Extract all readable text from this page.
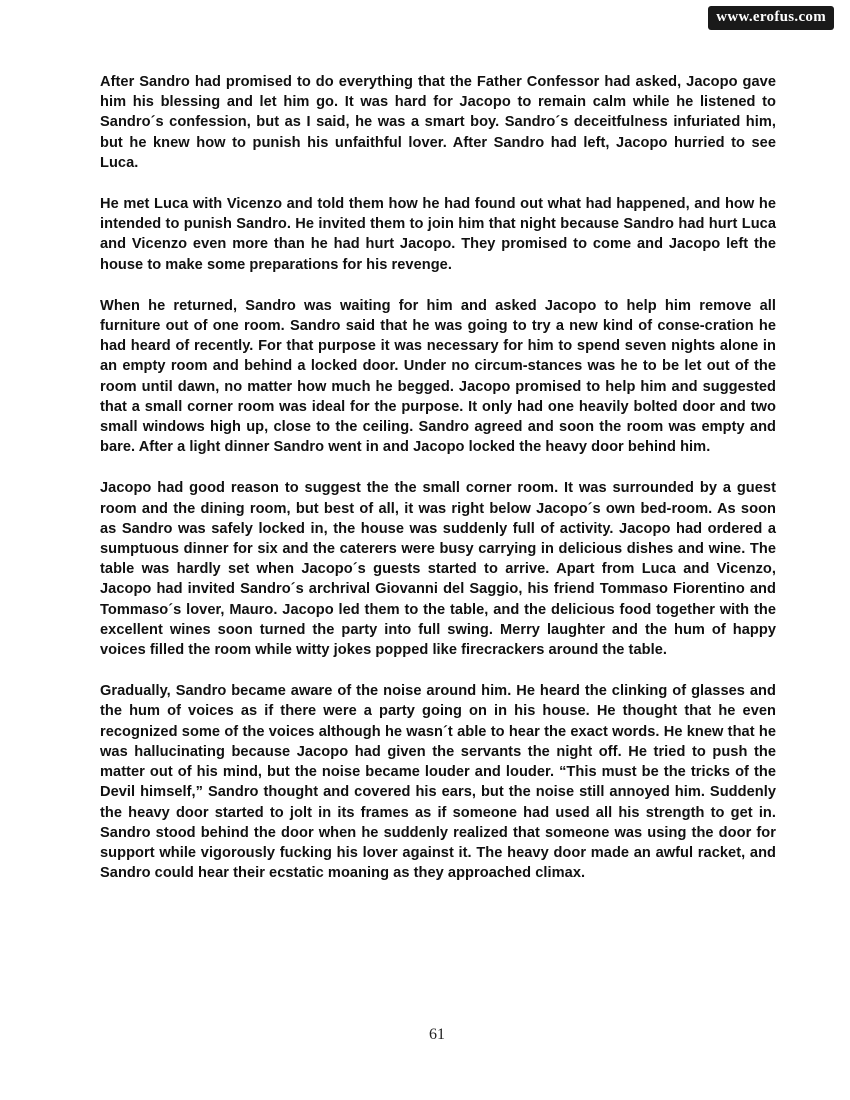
www.erofus.com

After Sandro had promised to do everything that the Father Confessor had asked, Jacopo gave him his blessing and let him go. It was hard for Jacopo to remain calm while he listened to Sandro´s confession, but as I said, he was a smart boy. Sandro´s deceitfulness infuriated him, but he knew how to punish his unfaithful lover. After Sandro had left, Jacopo hurried to see Luca.

He met Luca with Vicenzo and told them how he had found out what had happened, and how he intended to punish Sandro. He invited them to join him that night because Sandro had hurt Luca and Vicenzo even more than he had hurt Jacopo. They promised to come and Jacopo left the house to make some preparations for his revenge.

When he returned, Sandro was waiting for him and asked Jacopo to help him remove all furniture out of one room. Sandro said that he was going to try a new kind of conse-cration he had heard of recently. For that purpose it was necessary for him to spend seven nights alone in an empty room and behind a locked door. Under no circum-stances was he to be let out of the room until dawn, no matter how much he begged. Jacopo promised to help him and suggested that a small corner room was ideal for the purpose. It only had one heavily bolted door and two small windows high up, close to the ceiling. Sandro agreed and soon the room was empty and bare. After a light dinner Sandro went in and Jacopo locked the heavy door behind him.

Jacopo had good reason to suggest the the small corner room. It was surrounded by a guest room and the dining room, but best of all, it was right below Jacopo´s own bed-room. As soon as Sandro was safely locked in, the house was suddenly full of activity. Jacopo had ordered a sumptuous dinner for six and the caterers were busy carrying in delicious dishes and wine. The table was hardly set when Jacopo´s guests started to arrive. Apart from Luca and Vicenzo, Jacopo had invited Sandro´s archrival Giovanni del Saggio, his friend Tommaso Fiorentino and Tommaso´s lover, Mauro. Jacopo led them to the table, and the delicious food together with the excellent wines soon turned the party into full swing. Merry laughter and the hum of happy voices filled the room while witty jokes popped like firecrackers around the table.

Gradually, Sandro became aware of the noise around him. He heard the clinking of glasses and the hum of voices as if there were a party going on in his house. He thought that he even recognized some of the voices although he wasn´t able to hear the exact words. He knew that he was hallucinating because Jacopo had given the servants the night off. He tried to push the matter out of his mind, but the noise became louder and louder. “This must be the tricks of the Devil himself,” Sandro thought and covered his ears, but the noise still annoyed him. Suddenly the heavy door started to jolt in its frames as if someone had used all his strength to get in. Sandro stood behind the door when he suddenly realized that someone was using the door for support while vigorously fucking his lover against it. The heavy door made an awful racket, and Sandro could hear their ecstatic moaning as they approached climax.

61
